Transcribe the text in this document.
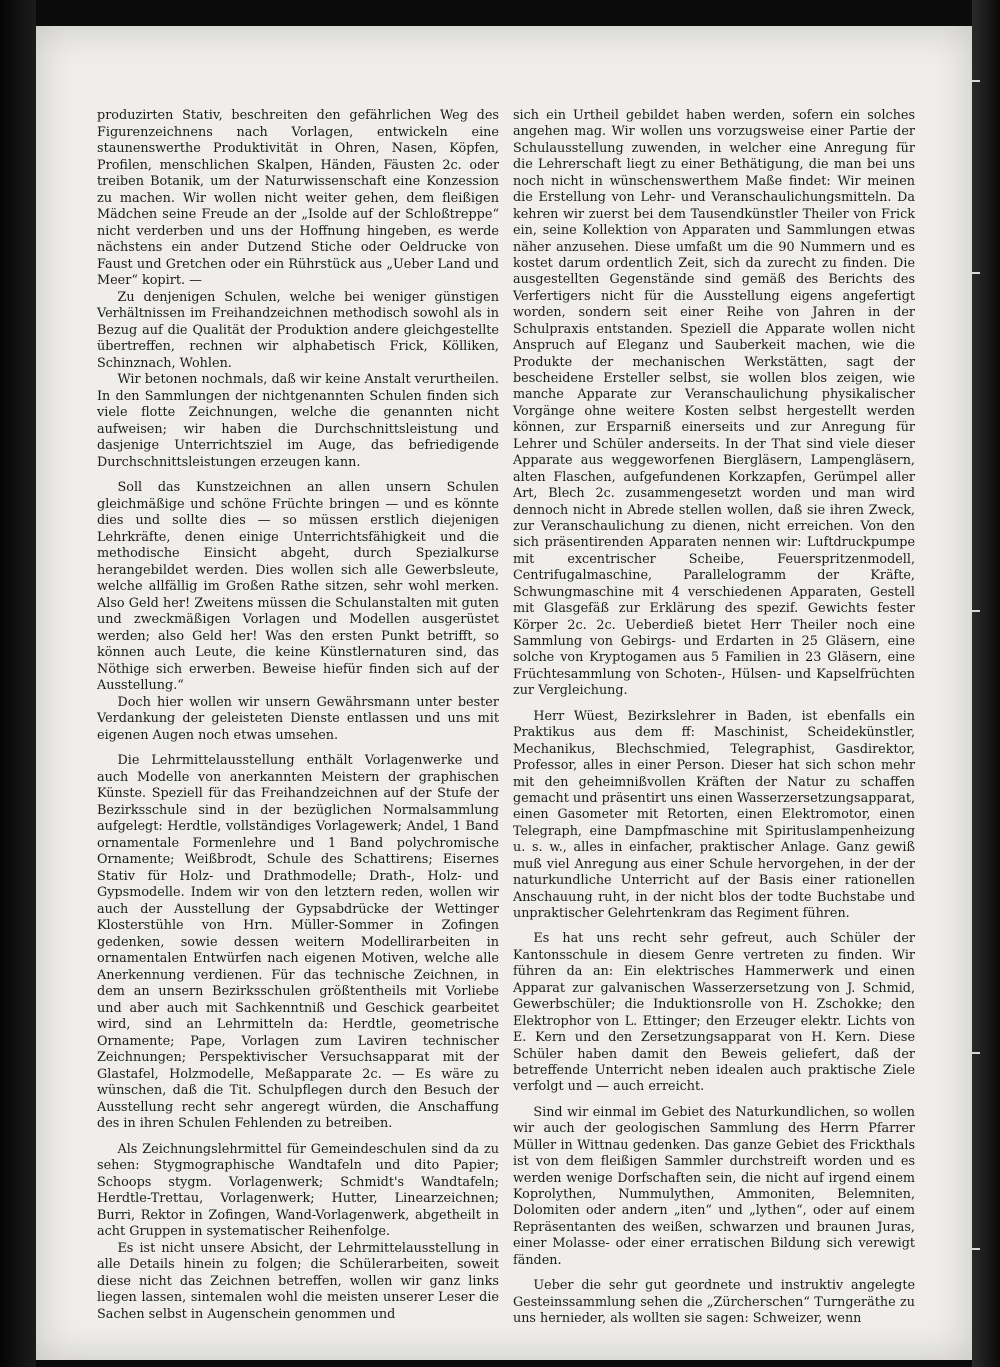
produzirten Stativ, beschreiten den gefährlichen Weg des Figurenzeichnens nach Vorlagen, entwickeln eine staunenswerthe Produktivität in Ohren, Nasen, Köpfen, Profilen, menschlichen Skalpen, Händen, Fäusten 2c. oder treiben Botanik, um der Naturwissenschaft eine Konzession zu machen. Wir wollen nicht weiter gehen, dem fleißigen Mädchen seine Freude an der „Isolde auf der Schloßtreppe“ nicht verderben und uns der Hoffnung hingeben, es werde nächstens ein ander Dutzend Stiche oder Oeldrucke von Faust und Gretchen oder ein Rührstück aus „Ueber Land und Meer“ kopirt. —

Zu denjenigen Schulen, welche bei weniger günstigen Verhältnissen im Freihandzeichnen methodisch sowohl als in Bezug auf die Qualität der Produktion andere gleichgestellte übertreffen, rechnen wir alphabetisch Frick, Kölliken, Schinznach, Wohlen.

Wir betonen nochmals, daß wir keine Anstalt verurtheilen. In den Sammlungen der nichtgenannten Schulen finden sich viele flotte Zeichnungen, welche die genannten nicht aufweisen; wir haben die Durchschnittsleistung und dasjenige Unterrichtsziel im Auge, das befriedigende Durchschnittsleistungen erzeugen kann.

Soll das Kunstzeichnen an allen unsern Schulen gleichmäßige und schöne Früchte bringen — und es könnte dies und sollte dies — so müssen erstlich diejenigen Lehrkräfte, denen einige Unterrichtsfähigkeit und die methodische Einsicht abgeht, durch Spezialkurse herangebildet werden. Dies wollen sich alle Gewerbsleute, welche allfällig im Großen Rathe sitzen, sehr wohl merken. Also Geld her! Zweitens müssen die Schulanstalten mit guten und zweckmäßigen Vorlagen und Modellen ausgerüstet werden; also Geld her! Was den ersten Punkt betrifft, so können auch Leute, die keine Künstlernaturen sind, das Nöthige sich erwerben. Beweise hiefür finden sich auf der Ausstellung.“

Doch hier wollen wir unsern Gewährsmann unter bester Verdankung der geleisteten Dienste entlassen und uns mit eigenen Augen noch etwas umsehen.

Die Lehrmittelausstellung enthält Vorlagenwerke und auch Modelle von anerkannten Meistern der graphischen Künste. Speziell für das Freihandzeichnen auf der Stufe der Bezirksschule sind in der bezüglichen Normalsammlung aufgelegt: Herdtle, vollständiges Vorlagewerk; Andel, 1 Band ornamentale Formenlehre und 1 Band polychromische Ornamente; Weißbrodt, Schule des Schattirens; Eisernes Stativ für Holz- und Drathmodelle; Drath-, Holz- und Gypsmodelle. Indem wir von den letztern reden, wollen wir auch der Ausstellung der Gypsabdrücke der Wettinger Klosterstühle von Hrn. Müller-Sommer in Zofingen gedenken, sowie dessen weitern Modellirarbeiten in ornamentalen Entwürfen nach eigenen Motiven, welche alle Anerkennung verdienen. Für das technische Zeichnen, in dem an unsern Bezirksschulen größtentheils mit Vorliebe und aber auch mit Sachkenntniß und Geschick gearbeitet wird, sind an Lehrmitteln da: Herdtle, geometrische Ornamente; Pape, Vorlagen zum Laviren technischer Zeichnungen; Perspektivischer Versuchsapparat mit der Glastafel, Holzmodelle, Meßapparate 2c. — Es wäre zu wünschen, daß die Tit. Schulpflegen durch den Besuch der Ausstellung recht sehr angeregt würden, die Anschaffung des in ihren Schulen Fehlenden zu betreiben.

Als Zeichnungslehrmittel für Gemeindeschulen sind da zu sehen: Stygmographische Wandtafeln und dito Papier; Schoops stygm. Vorlagenwerk; Schmidt's Wandtafeln; Herdtle-Trettau, Vorlagenwerk; Hutter, Linearzeichnen; Burri, Rektor in Zofingen, Wand-Vorlagenwerk, abgetheilt in acht Gruppen in systematischer Reihenfolge.

Es ist nicht unsere Absicht, der Lehrmittelausstellung in alle Details hinein zu folgen; die Schülerarbeiten, soweit diese nicht das Zeichnen betreffen, wollen wir ganz links liegen lassen, sintemalen wohl die meisten unserer Leser die Sachen selbst in Augenschein genommen und

sich ein Urtheil gebildet haben werden, sofern ein solches angehen mag. Wir wollen uns vorzugsweise einer Partie der Schulausstellung zuwenden, in welcher eine Anregung für die Lehrerschaft liegt zu einer Bethätigung, die man bei uns noch nicht in wünschenswerthem Maße findet: Wir meinen die Erstellung von Lehr- und Veranschaulichungsmitteln. Da kehren wir zuerst bei dem Tausendkünstler Theiler von Frick ein, seine Kollektion von Apparaten und Sammlungen etwas näher anzusehen. Diese umfaßt um die 90 Nummern und es kostet darum ordentlich Zeit, sich da zurecht zu finden. Die ausgestellten Gegenstände sind gemäß des Berichts des Verfertigers nicht für die Ausstellung eigens angefertigt worden, sondern seit einer Reihe von Jahren in der Schulpraxis entstanden. Speziell die Apparate wollen nicht Anspruch auf Eleganz und Sauberkeit machen, wie die Produkte der mechanischen Werkstätten, sagt der bescheidene Ersteller selbst, sie wollen blos zeigen, wie manche Apparate zur Veranschaulichung physikalischer Vorgänge ohne weitere Kosten selbst hergestellt werden können, zur Ersparniß einerseits und zur Anregung für Lehrer und Schüler anderseits. In der That sind viele dieser Apparate aus weggeworfenen Biergläsern, Lampengläsern, alten Flaschen, aufgefundenen Korkzapfen, Gerümpel aller Art, Blech 2c. zusammengesetzt worden und man wird dennoch nicht in Abrede stellen wollen, daß sie ihren Zweck, zur Veranschaulichung zu dienen, nicht erreichen. Von den sich präsentirenden Apparaten nennen wir: Luftdruckpumpe mit excentrischer Scheibe, Feuerspritzenmodell, Centrifugalmaschine, Parallelogramm der Kräfte, Schwungmaschine mit 4 verschiedenen Apparaten, Gestell mit Glasgefäß zur Erklärung des spezif. Gewichts fester Körper 2c. 2c. Ueberdieß bietet Herr Theiler noch eine Sammlung von Gebirgs- und Erdarten in 25 Gläsern, eine solche von Kryptogamen aus 5 Familien in 23 Gläsern, eine Früchtesammlung von Schoten-, Hülsen- und Kapselfrüchten zur Vergleichung.

Herr Wüest, Bezirkslehrer in Baden, ist ebenfalls ein Praktikus aus dem ff: Maschinist, Scheidekünstler, Mechanikus, Blechschmied, Telegraphist, Gasdirektor, Professor, alles in einer Person. Dieser hat sich schon mehr mit den geheimnißvollen Kräften der Natur zu schaffen gemacht und präsentirt uns einen Wasserzersetzungsapparat, einen Gasometer mit Retorten, einen Elektromotor, einen Telegraph, eine Dampfmaschine mit Spirituslampenheizung u. s. w., alles in einfacher, praktischer Anlage. Ganz gewiß muß viel Anregung aus einer Schule hervorgehen, in der der naturkundliche Unterricht auf der Basis einer rationellen Anschauung ruht, in der nicht blos der todte Buchstabe und unpraktischer Gelehrtenkram das Regiment führen.

Es hat uns recht sehr gefreut, auch Schüler der Kantonsschule in diesem Genre vertreten zu finden. Wir führen da an: Ein elektrisches Hammerwerk und einen Apparat zur galvanischen Wasserzersetzung von J. Schmid, Gewerbschüler; die Induktionsrolle von H. Zschokke; den Elektrophor von L. Ettinger; den Erzeuger elektr. Lichts von E. Kern und den Zersetzungsapparat von H. Kern. Diese Schüler haben damit den Beweis geliefert, daß der betreffende Unterricht neben idealen auch praktische Ziele verfolgt und — auch erreicht.

Sind wir einmal im Gebiet des Naturkundlichen, so wollen wir auch der geologischen Sammlung des Herrn Pfarrer Müller in Wittnau gedenken. Das ganze Gebiet des Frickthals ist von dem fleißigen Sammler durchstreift worden und es werden wenige Dorfschaften sein, die nicht auf irgend einem Koprolythen, Nummulythen, Ammoniten, Belemniten, Dolomiten oder andern „iten“ und „lythen“, oder auf einem Repräsentanten des weißen, schwarzen und braunen Juras, einer Molasse- oder einer erratischen Bildung sich verewigt fänden.

Ueber die sehr gut geordnete und instruktiv angelegte Gesteinssammlung sehen die „Zürcherschen“ Turngeräthe zu uns hernieder, als wollten sie sagen: Schweizer, wenn
